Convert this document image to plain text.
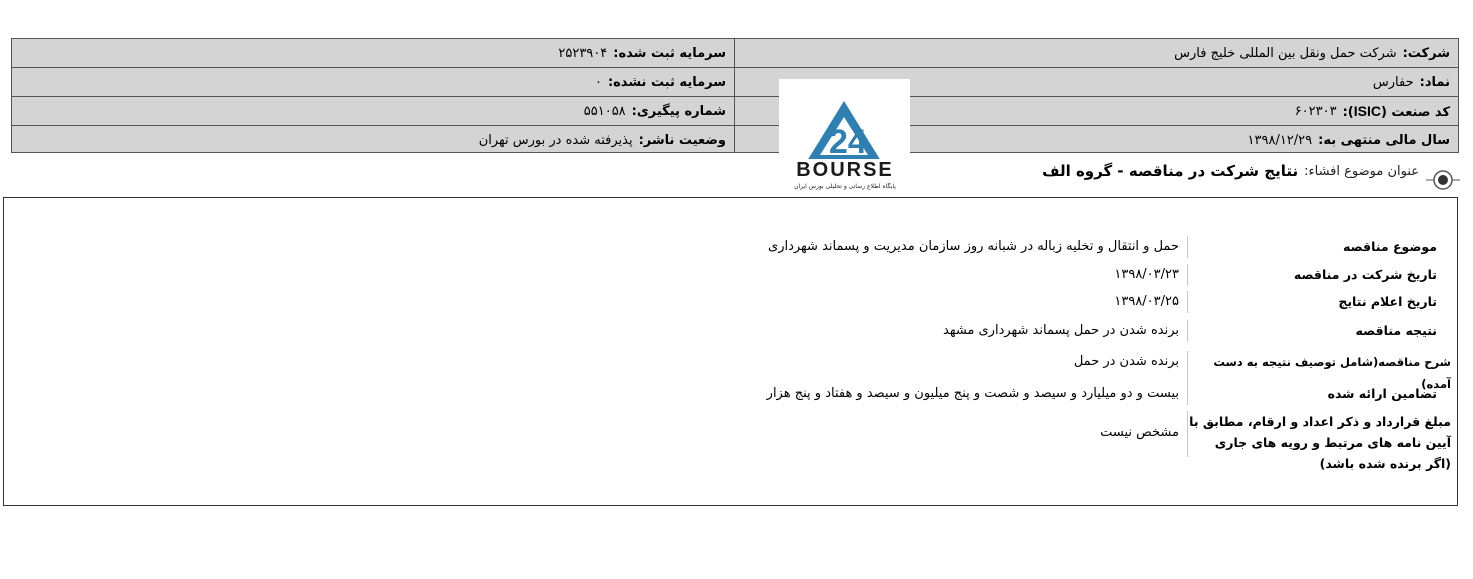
شرکت:
شرکت حمل ونقل بین المللی خلیج فارس
سرمایه ثبت شده:
۲۵۲۳۹۰۴
نماد:
حفارس
سرمایه ثبت نشده:
۰
کد صنعت (ISIC):
۶۰۲۳۰۳
شماره پیگیری:
۵۵۱۰۵۸
سال مالی منتهی به:
۱۳۹۸/۱۲/۲۹
وضعیت ناشر:
پذیرفته شده در بورس تهران	24
BOURSE
پایگاه اطلاع رسانی و تحلیلی بورس ایران
عنوان موضوع افشاء:
نتایج شرکت در مناقصه - گروه الف
موضوع مناقصه
حمل و انتقال و تخلیه زباله در شبانه روز سازمان مدیریت و پسماند شهرداری
تاریخ شرکت در مناقصه
۱۳۹۸/۰۳/۲۳
تاریخ اعلام نتایج
۱۳۹۸/۰۳/۲۵
نتیجه مناقصه
برنده شدن در حمل پسماند شهرداری مشهد
شرح مناقصه(شامل توصیف نتیجه به دست آمده)
برنده شدن در حمل
تضامین ارائه شده
بیست و دو میلیارد و سیصد و شصت و پنج میلیون و سیصد و هفتاد و پنج هزار
مبلغ قرارداد و ذکر اعداد و ارقام، مطابق با آیین نامه های مرتبط و رویه های جاری (اگر برنده شده باشد)
مشخص نیست
